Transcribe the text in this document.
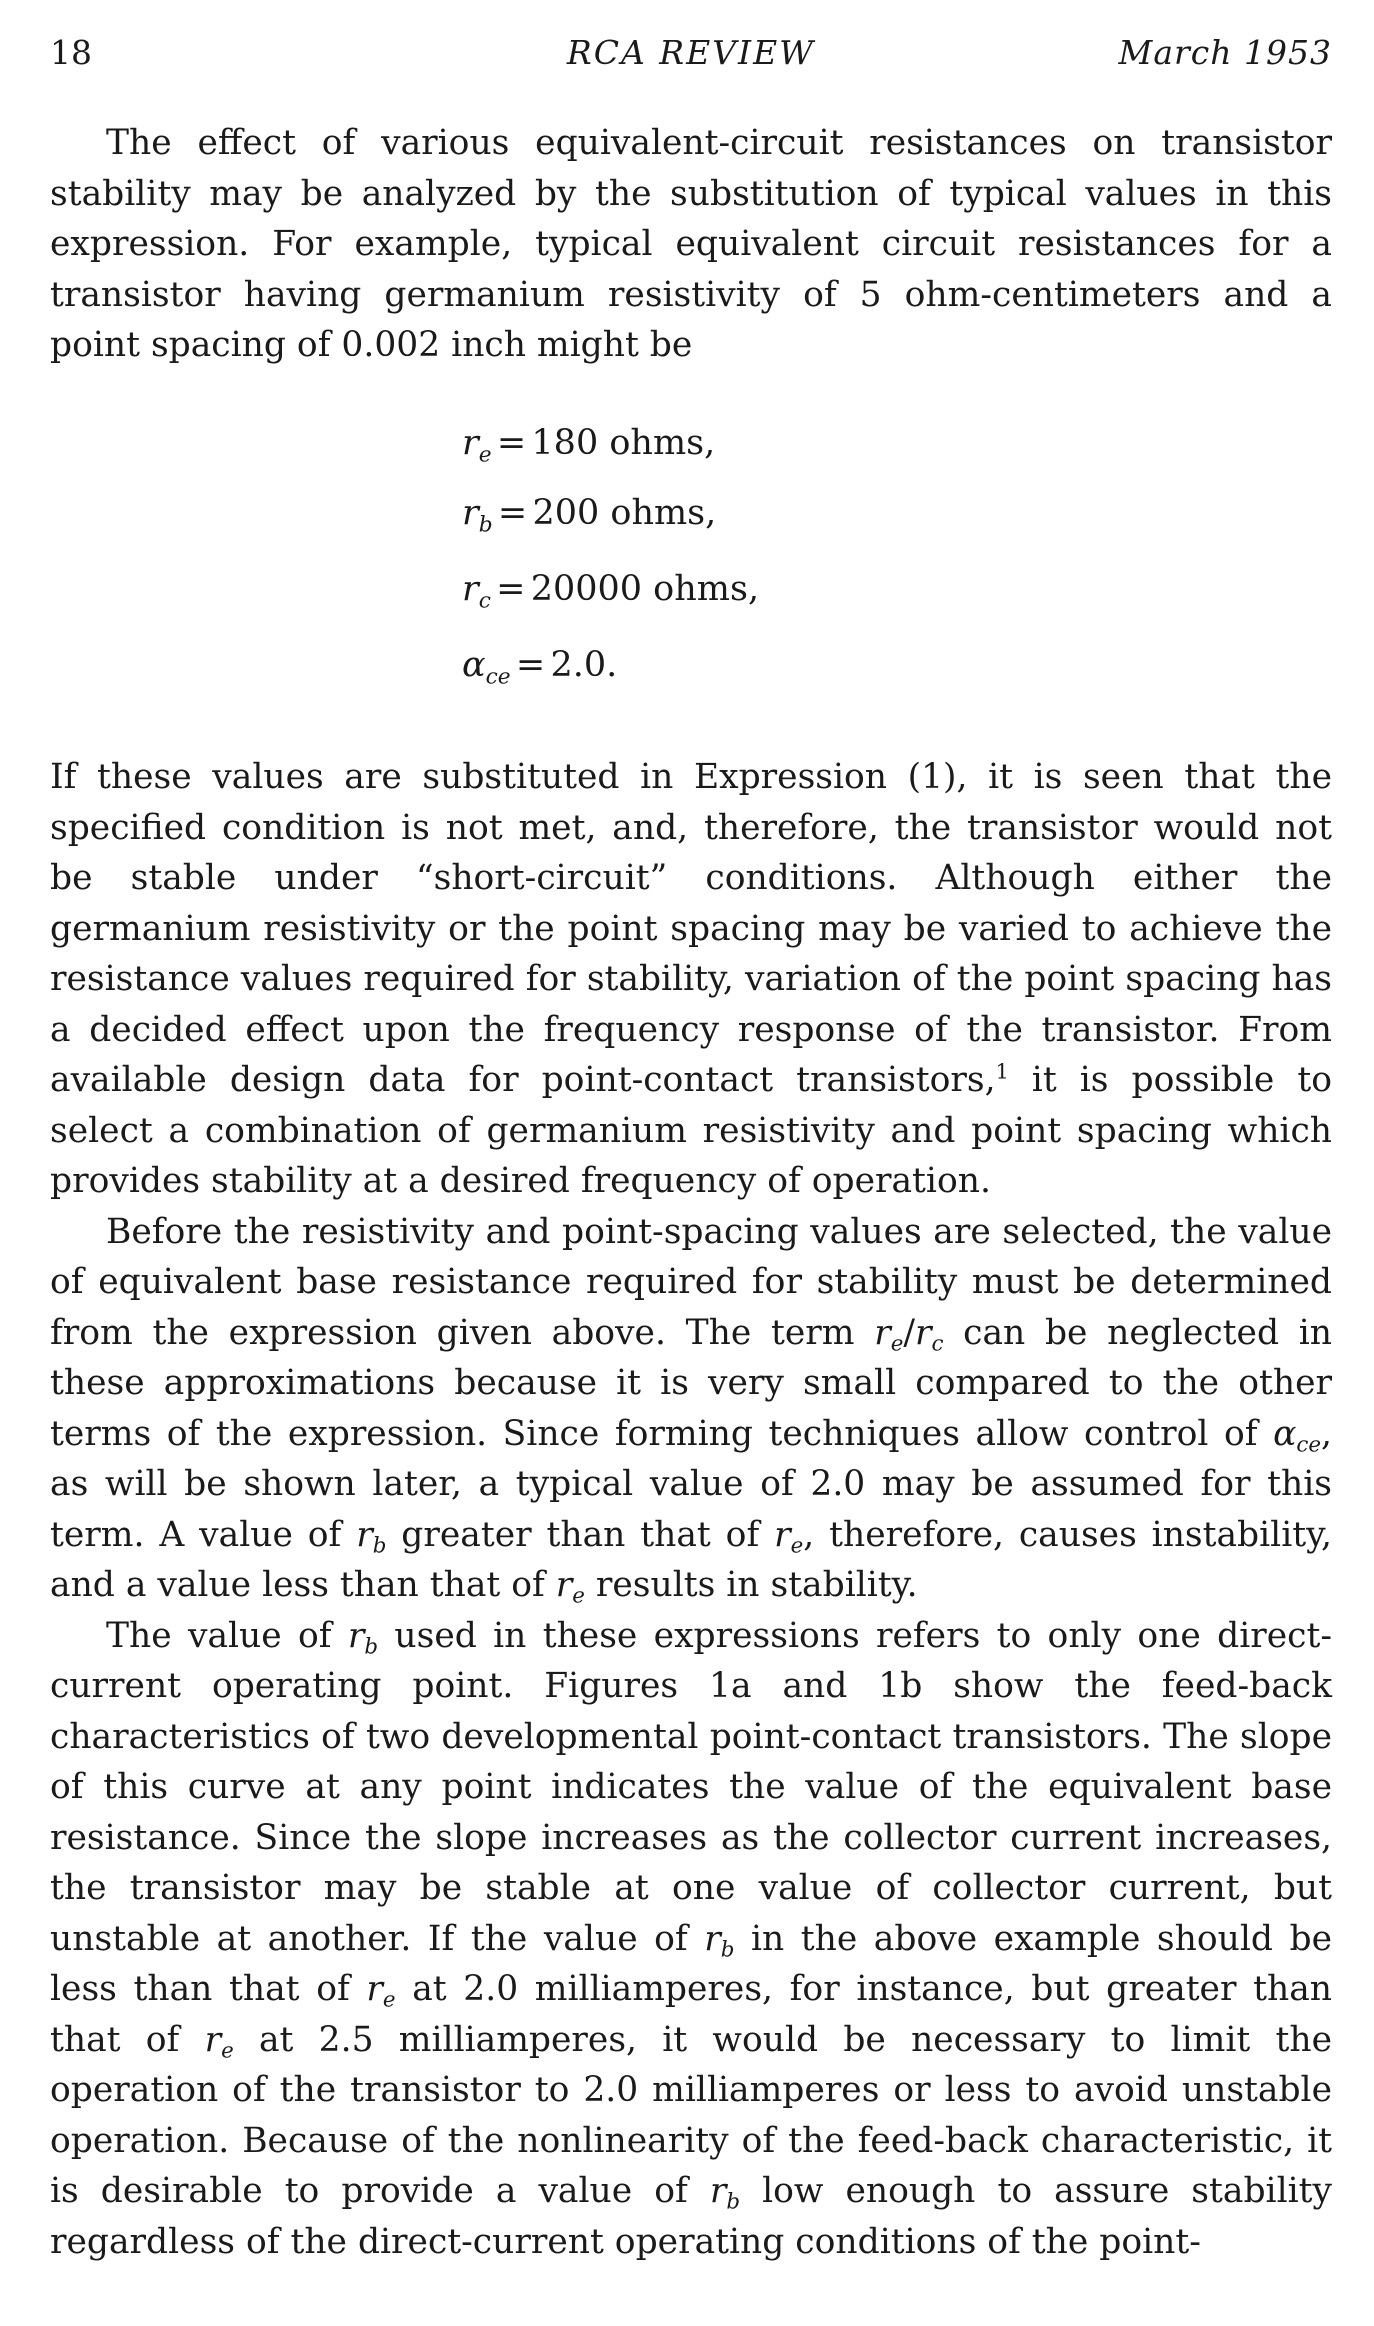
18	RCA REVIEW	March 1953

The effect of various equivalent-circuit resistances on transistor stability may be analyzed by the substitution of typical values in this expression. For example, typical equivalent circuit resistances for a transistor having germanium resistivity of 5 ohm-centimeters and a point spacing of 0.002 inch might be

$r_e = 180$ ohms,
$r_b = 200$ ohms,
$r_c = 20000$ ohms,
$\alpha_{ce} = 2.0$.

If these values are substituted in Expression (1), it is seen that the specified condition is not met, and, therefore, the transistor would not be stable under “short-circuit” conditions. Although either the germanium resistivity or the point spacing may be varied to achieve the resistance values required for stability, variation of the point spacing has a decided effect upon the frequency response of the transistor. From available design data for point-contact transistors,$^1$ it is possible to select a combination of germanium resistivity and point spacing which provides stability at a desired frequency of operation.

Before the resistivity and point-spacing values are selected, the value of equivalent base resistance required for stability must be determined from the expression given above. The term re/rc can be neglected in these approximations because it is very small compared to the other terms of the expression. Since forming techniques allow control of αce, as will be shown later, a typical value of 2.0 may be assumed for this term. A value of rb greater than that of re, therefore, causes instability, and a value less than that of re results in stability.

The value of rb used in these expressions refers to only one direct-current operating point. Figures 1a and 1b show the feed-back characteristics of two developmental point-contact transistors. The slope of this curve at any point indicates the value of the equivalent base resistance. Since the slope increases as the collector current increases, the transistor may be stable at one value of collector current, but unstable at another. If the value of rb in the above example should be less than that of re at 2.0 milliamperes, for instance, but greater than that of re at 2.5 milliamperes, it would be necessary to limit the operation of the transistor to 2.0 milliamperes or less to avoid unstable operation. Because of the nonlinearity of the feed-back characteristic, it is desirable to provide a value of rb low enough to assure stability regardless of the direct-current operating conditions of the point-
